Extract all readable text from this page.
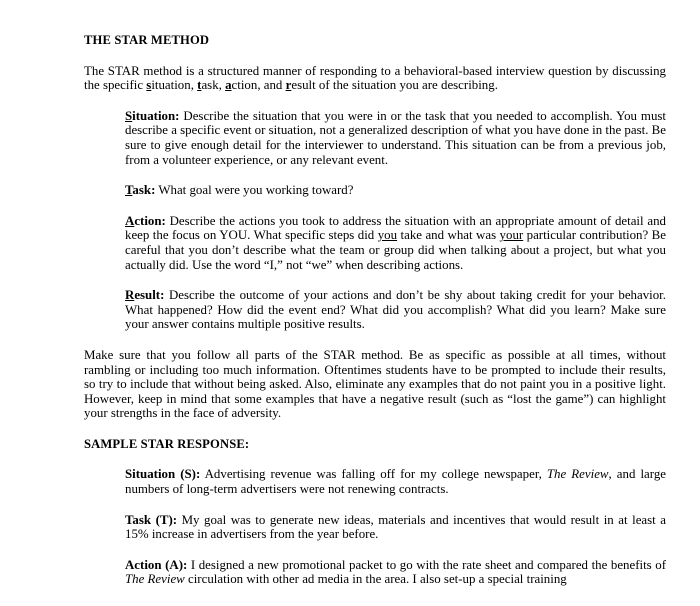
THE STAR METHOD

The STAR method is a structured manner of responding to a behavioral-based interview question by discussing the specific situation, task, action, and result of the situation you are describing.

Situation: Describe the situation that you were in or the task that you needed to accomplish. You must describe a specific event or situation, not a generalized description of what you have done in the past. Be sure to give enough detail for the interviewer to understand. This situation can be from a previous job, from a volunteer experience, or any relevant event.

Task: What goal were you working toward?

Action: Describe the actions you took to address the situation with an appropriate amount of detail and keep the focus on YOU. What specific steps did you take and what was your particular contribution? Be careful that you don’t describe what the team or group did when talking about a project, but what you actually did. Use the word “I,” not “we” when describing actions.

Result: Describe the outcome of your actions and don’t be shy about taking credit for your behavior. What happened? How did the event end? What did you accomplish? What did you learn? Make sure your answer contains multiple positive results.

Make sure that you follow all parts of the STAR method. Be as specific as possible at all times, without rambling or including too much information. Oftentimes students have to be prompted to include their results, so try to include that without being asked. Also, eliminate any examples that do not paint you in a positive light. However, keep in mind that some examples that have a negative result (such as “lost the game”) can highlight your strengths in the face of adversity.

SAMPLE STAR RESPONSE:

Situation (S): Advertising revenue was falling off for my college newspaper, The Review, and large numbers of long-term advertisers were not renewing contracts.

Task (T): My goal was to generate new ideas, materials and incentives that would result in at least a 15% increase in advertisers from the year before.

Action (A): I designed a new promotional packet to go with the rate sheet and compared the benefits of The Review circulation with other ad media in the area. I also set-up a special training
